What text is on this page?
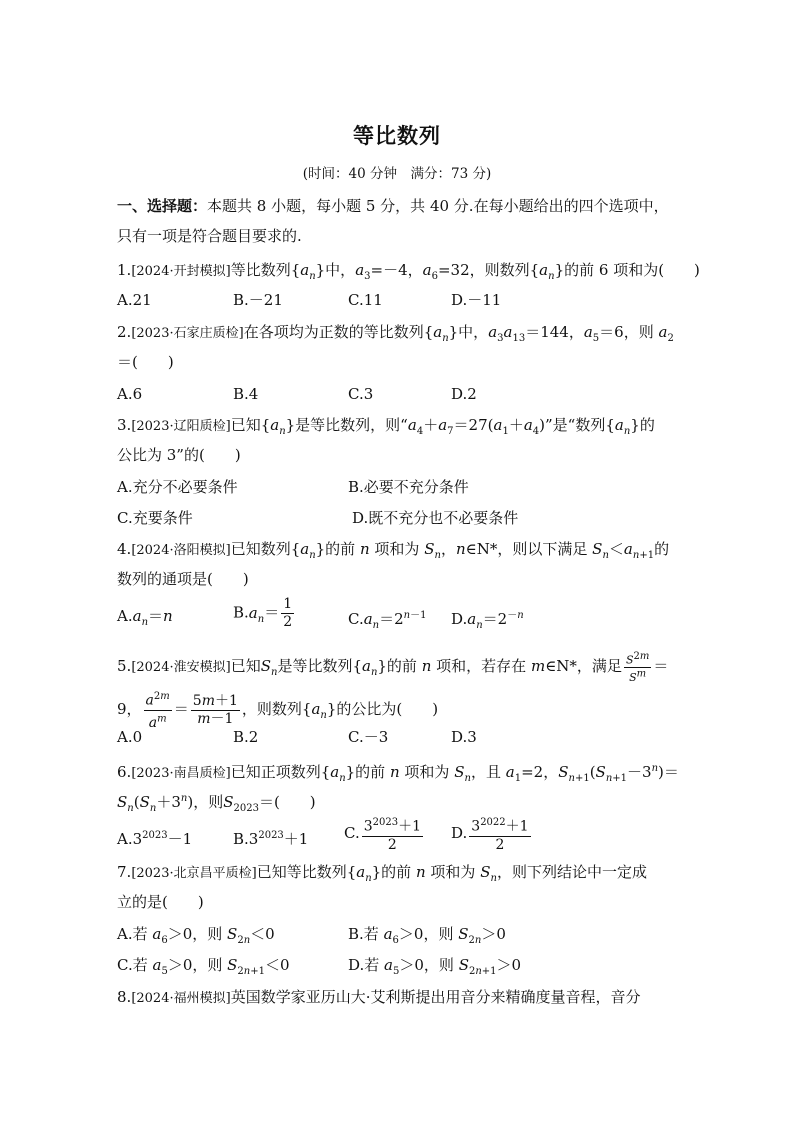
等比数列
(时间：40 分钟　满分：73 分)
一、选择题：本题共 8 小题，每小题 5 分，共 40 分.在每小题给出的四个选项中，
只有一项是符合题目要求的.
1.[2024·开封模拟]等比数列$\{a_n\}$中，$a_3=-4$，$a_6=32$，则数列$\{a_n\}$的前 6 项和为(　　)
A.21	B.－21	C.11	D.－11
2.[2023·石家庄质检]在各项均为正数的等比数列$\{a_n\}$中，$a_3a_{13}=144$，$a_5=6$，则 $a_2$
＝(　　)
A.6	B.4	C.3	D.2
3.[2023·辽阳质检]已知$\{a_n\}$是等比数列，则“$a_4+a_7=27(a_1+a_4)$”是“数列$\{a_n\}$的
公比为 3”的(　　)
A.充分不必要条件	B.必要不充分条件
C.充要条件	D.既不充分也不必要条件
4.[2024·洛阳模拟]已知数列$\{a_n\}$的前 n 项和为 $S_n$，n∈N*，则以下满足 $S_n<a_{n+1}$的
数列的通项是(　　)
$A.a_n=n$	$B.a_n= \frac{1}{2}$	$C.a_n=2^{n-1}$ $D.a_n=2^{-n}$
5.[2024·淮安模拟]已知$S_n$是等比数列$\{a_n\}$的前 n 项和，若存在 m∈N*，满足 $\frac{S^{2m}}{S^m}$ ＝
9， $\frac{a^{2m}}{a^m} = \frac{5m+1}{m-1}$ ，则数列$\{a_n\}$的公比为(　　)
A.0	B.2	C.－3	D.3
6.[2023·南昌质检]已知正项数列$\{a_n\}$的前 n 项和为 $S_n$，且 $a_1=2$，$S_{n+1}(S_{n+1}-3^n)=$
$S_n(S_n+3^n)$，则$S_{2023}=$(　　)
$A.3^{2023}-1$	$B.3^{2023}+1$ C. $\frac{3^{2023}+1}{2} D$. $\frac{3^{2022}+1}{2}$
7.[2023·北京昌平质检]已知等比数列$\{a_n\}$的前 n 项和为 $S_n$，则下列结论中一定成
立的是(　　)
A.若 $a_6>0$，则 $S_{2n}<0$	B.若 $a_6>0$，则 $S_{2n}>0$
C.若 $a_5>0$，则 $S_{2n+1}<0$	D.若 $a_5>0$，则 $S_{2n+1}>0$
8.[2024·福州模拟]英国数学家亚历山大·艾利斯提出用音分来精确度量音程，音分
